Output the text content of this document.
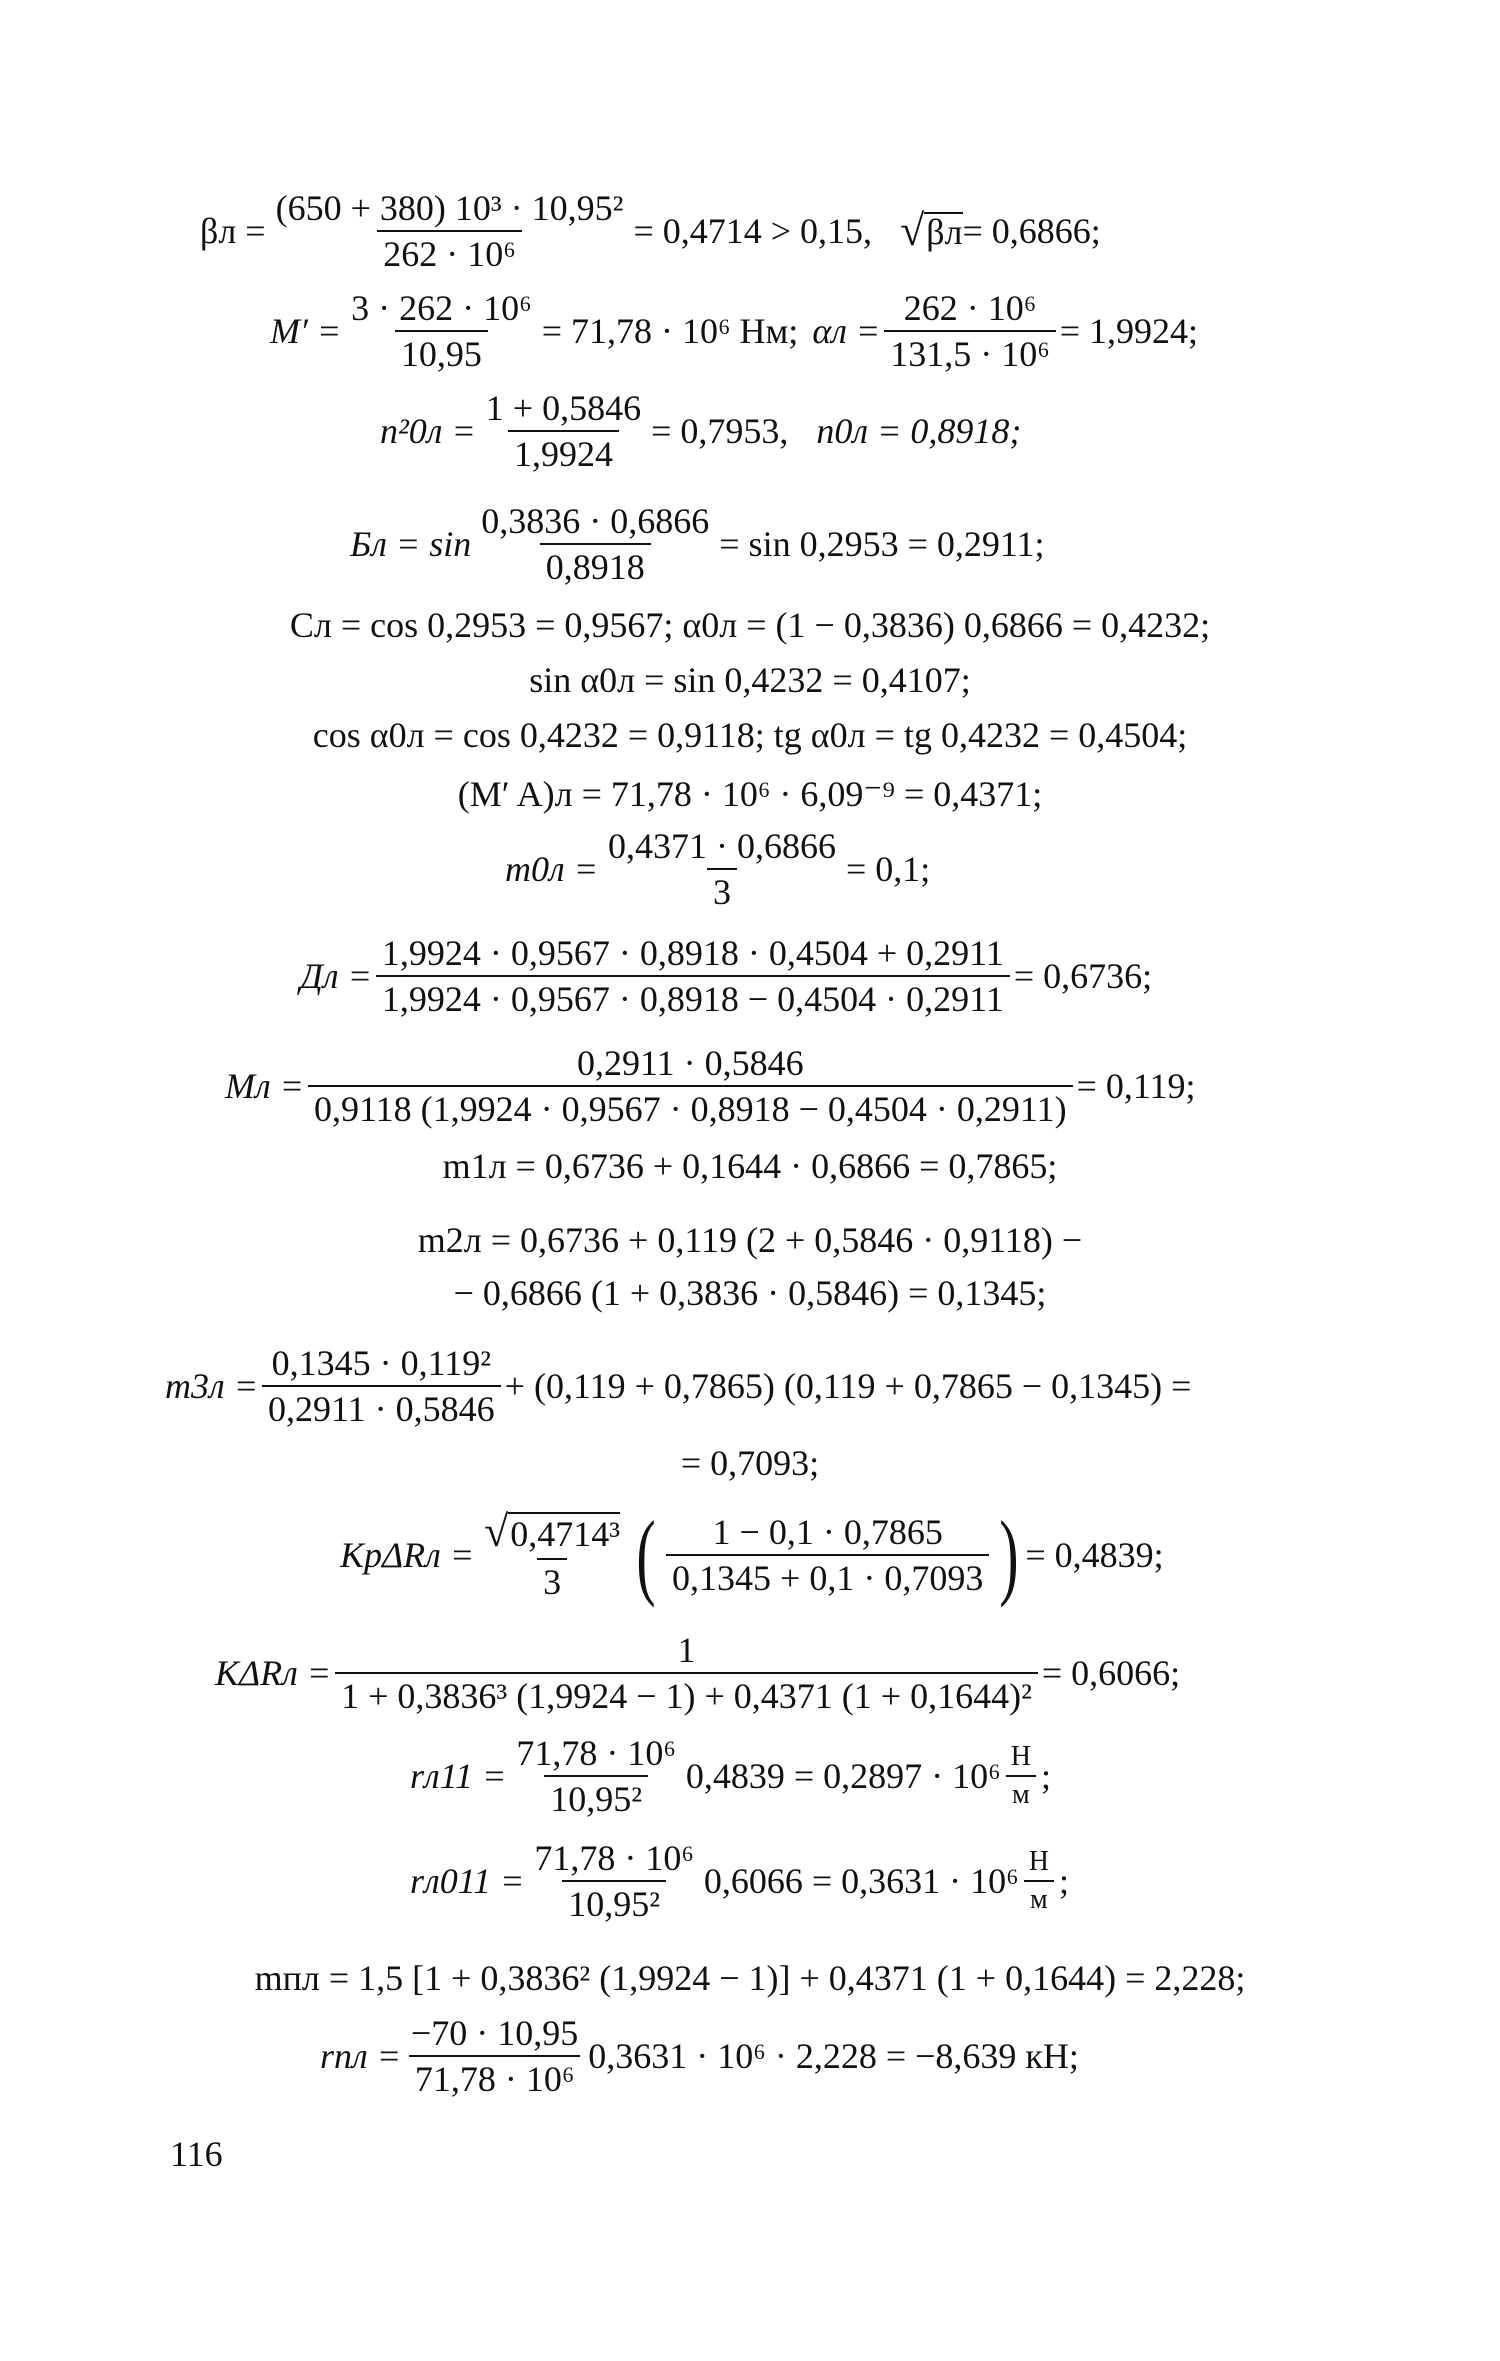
$\beta л = \frac{\text{(650 + 380) 10³ · 10,95²}}{\text{262 · 10⁶}} = 0,4714 > 0,15$, √ βл = 0,6866;
$M' = \frac{\text{3 · 262 · 10⁶}}{10,95} = 71,78 \cdot 10^6$ Нм; $\alpha л = \frac{\text{262 · 10⁶}}{\text{131,5 · 10⁶}} = 1,9924$;
$n^20л = \frac{1 + 0,5846}{1,9924} = 0,7953$, n0л = 0,8918;
Бл = $\sin \frac{0,3836 \cdot 0,6866}{0,8918} = \sin 0,2953 = 0,2911$;
Cл = cos 0,2953 = 0,9567; α0л = (1 − 0,3836) 0,6866 = 0,4232;
sin α0л = sin 0,4232 = 0,4107;
cos α0л = cos 0,4232 = 0,9118; tg α0л = tg 0,4232 = 0,4504;
(M′ A)л = 71,78 · 10⁶ · 6,09⁻⁹ = 0,4371;
$m0л = \frac{0,4371 \cdot 0,6866}{3} = 0,1$;
Дл = $\frac{1,9924 \cdot 0,9567 \cdot 0,8918 \cdot 0,4504 + 0,2911}{1,9924 \cdot 0,9567 \cdot 0,8918 - 0,4504 \cdot 0,2911} = 0,6736$;
Mл = $\frac{0,2911 \cdot 0,5846}{0,9118 (1,9924 \cdot 0,9567 \cdot 0,8918 - 0,4504 \cdot 0,2911)} = 0,119$;
m1л = 0,6736 + 0,1644 · 0,6866 = 0,7865;
m2л = 0,6736 + 0,119 (2 + 0,5846 · 0,9118) −
− 0,6866 (1 + 0,3836 · 0,5846) = 0,1345;
$m3л = \frac{\text{0,1345 · 0,119²}}{0,2911 \cdot 0,5846} + (0,119 + 0,7865) (0,119 + 0,7865 - 0,1345)$ =
= 0,7093;
$Kp\Delta Rл = \frac{\text{√0,4714³}}{3}$ ( $\frac{1 - 0,1 \cdot 0,7865}{0,1345 + 0,1 \cdot 0,7093}$ ) = 0,4839;
$K\Delta Rл = \frac{1}{\text{1 + 0,3836³ (1,9924 − 1) + 0,4371 (1 + 0,1644)²}} = 0,6066$;
$rл11 = \frac{\text{71,78 · 10⁶}}{\text{10,95²}} 0,4839 = 0,2897 \cdot 10^6 \frac{Н}{м}$ ;
$rл011 = \frac{\text{71,78 · 10⁶}}{\text{10,95²}} 0,6066 = 0,3631 \cdot 10^6 \frac{Н}{м}$ ;
mпл = 1,5 [1 + 0,3836² (1,9924 − 1)] + 0,4371 (1 + 0,1644) = 2,228;
rпл = $\frac{-70 \cdot 10,95}{\text{71,78 · 10⁶}} 0,3631 \cdot 10^6 \cdot 2,228 = -8,639$ кН;
116
